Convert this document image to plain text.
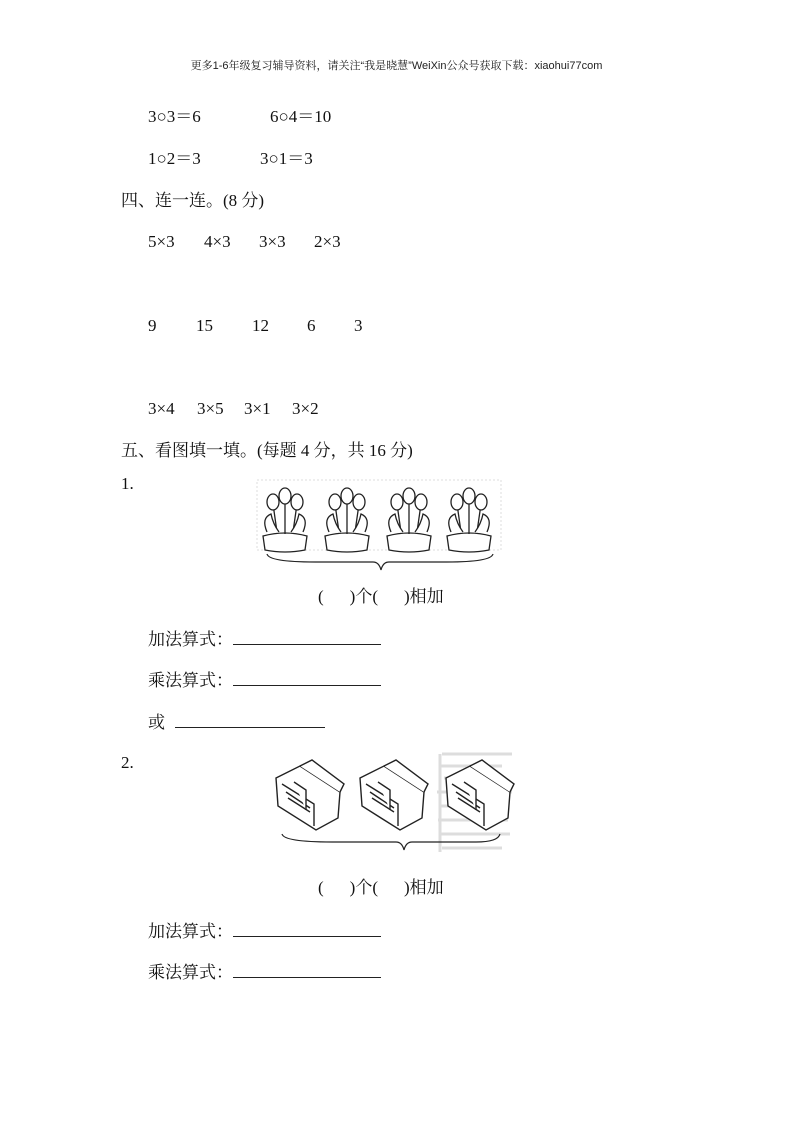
更多1-6年级复习辅导资料，请关注“我是晓慧”WeiXin公众号获取下载：xiaohui77com
3○3＝6	6○4＝10
1○2＝3	3○1＝3
四、连一连。(8 分)
5×3 4×3 3×3 2×3
9 15 12 6 3
3×4 3×5 3×1 3×2
五、看图填一填。(每题 4 分，共 16 分)
1.
( )个( )相加
加法算式：
乘法算式：
或
2.
( )个( )相加
加法算式：
乘法算式：
